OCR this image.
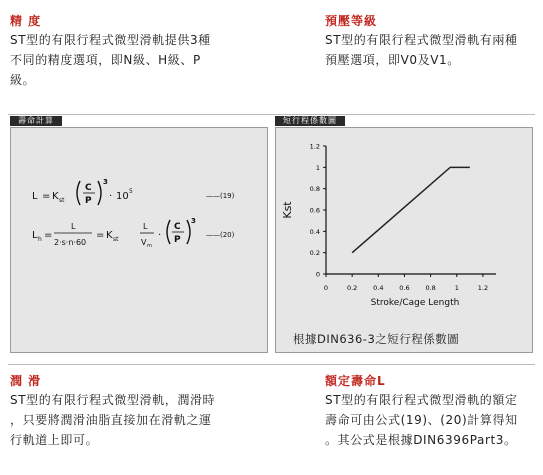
精 度
ST型的有限行程式微型滑軌提供3種
不同的精度選項，即N級、H級、P
級。
預壓等級
ST型的有限行程式微型滑軌有兩種
預壓選項，即V0及V1。
壽命計算
L = K st
C
P
3
· 10 5
——(19)
L h =
L
2·s·n·60
= K st
L
V m
·
C
P
3
——(20)
短行程係數圖
0
0.2
0.4
0.6
0.8
1
1.2
0	0.2 0.4 0.6 0.8	1	1.2
Stroke/Cage Length
Kst
根據DIN636-3之短行程係數圖
潤 滑
ST型的有限行程式微型滑軌，潤滑時
，只要將潤滑油脂直接加在滑軌之運
行軌道上即可。
額定壽命L
ST型的有限行程式微型滑軌的額定
壽命可由公式(19)、(20)計算得知
。其公式是根據DIN6396Part3。
